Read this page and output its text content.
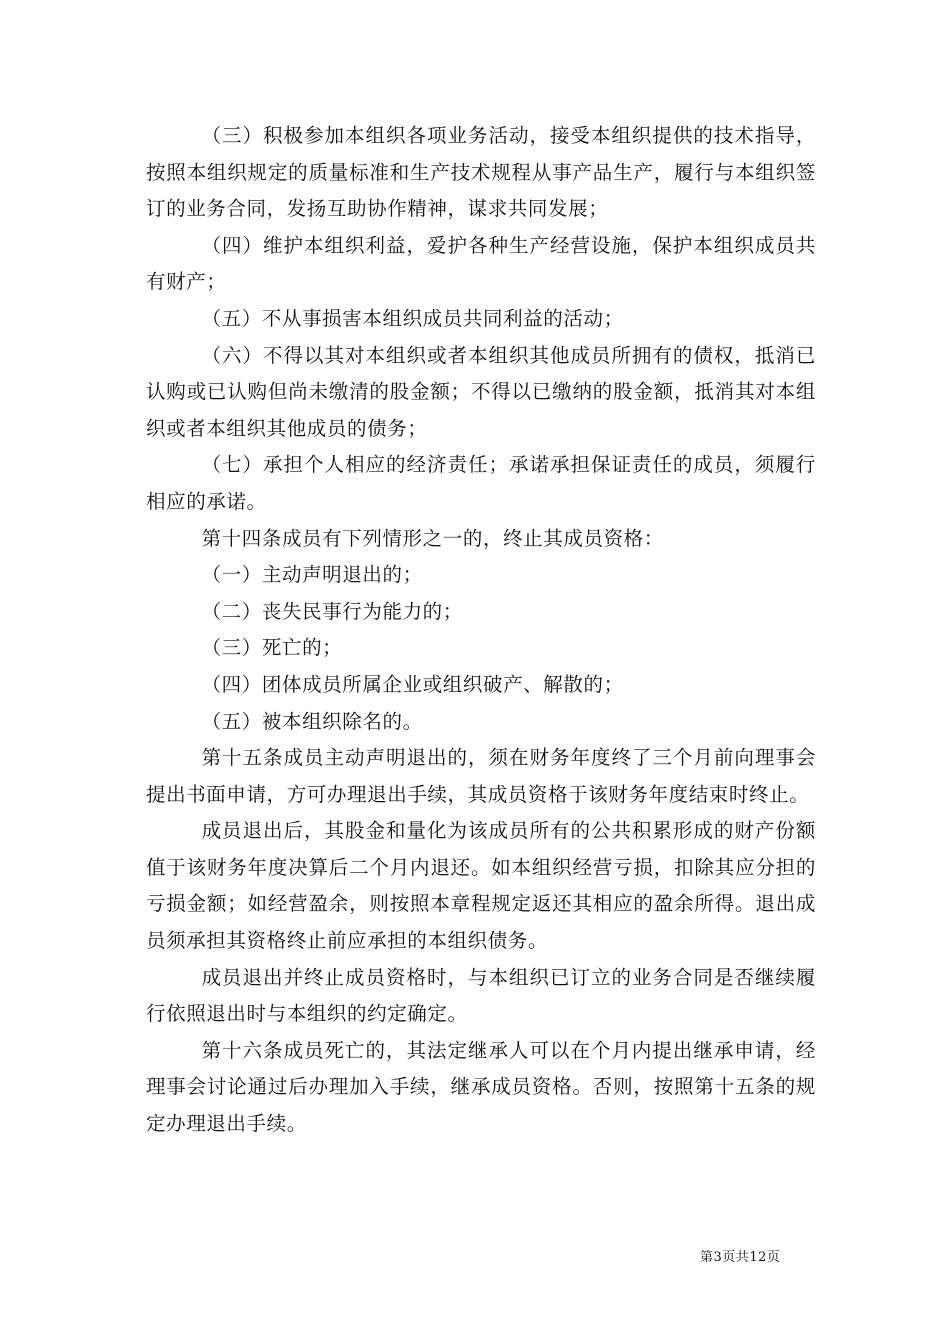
（三）积极参加本组织各项业务活动，接受本组织提供的技术指导，按照本组织规定的质量标准和生产技术规程从事产品生产，履行与本组织签订的业务合同，发扬互助协作精神，谋求共同发展；

（四）维护本组织利益，爱护各种生产经营设施，保护本组织成员共有财产；

（五）不从事损害本组织成员共同利益的活动；

（六）不得以其对本组织或者本组织其他成员所拥有的债权，抵消已认购或已认购但尚未缴清的股金额；不得以已缴纳的股金额，抵消其对本组织或者本组织其他成员的债务；

（七）承担个人相应的经济责任；承诺承担保证责任的成员，须履行相应的承诺。

第十四条成员有下列情形之一的，终止其成员资格：

（一）主动声明退出的；

（二）丧失民事行为能力的；

（三）死亡的；

（四）团体成员所属企业或组织破产、解散的；

（五）被本组织除名的。

第十五条成员主动声明退出的，须在财务年度终了三个月前向理事会提出书面申请，方可办理退出手续，其成员资格于该财务年度结束时终止。

成员退出后，其股金和量化为该成员所有的公共积累形成的财产份额值于该财务年度决算后二个月内退还。如本组织经营亏损，扣除其应分担的亏损金额；如经营盈余，则按照本章程规定返还其相应的盈余所得。退出成员须承担其资格终止前应承担的本组织债务。

成员退出并终止成员资格时，与本组织已订立的业务合同是否继续履行依照退出时与本组织的约定确定。

第十六条成员死亡的，其法定继承人可以在个月内提出继承申请，经理事会讨论通过后办理加入手续，继承成员资格。否则，按照第十五条的规定办理退出手续。

第3页共12页
